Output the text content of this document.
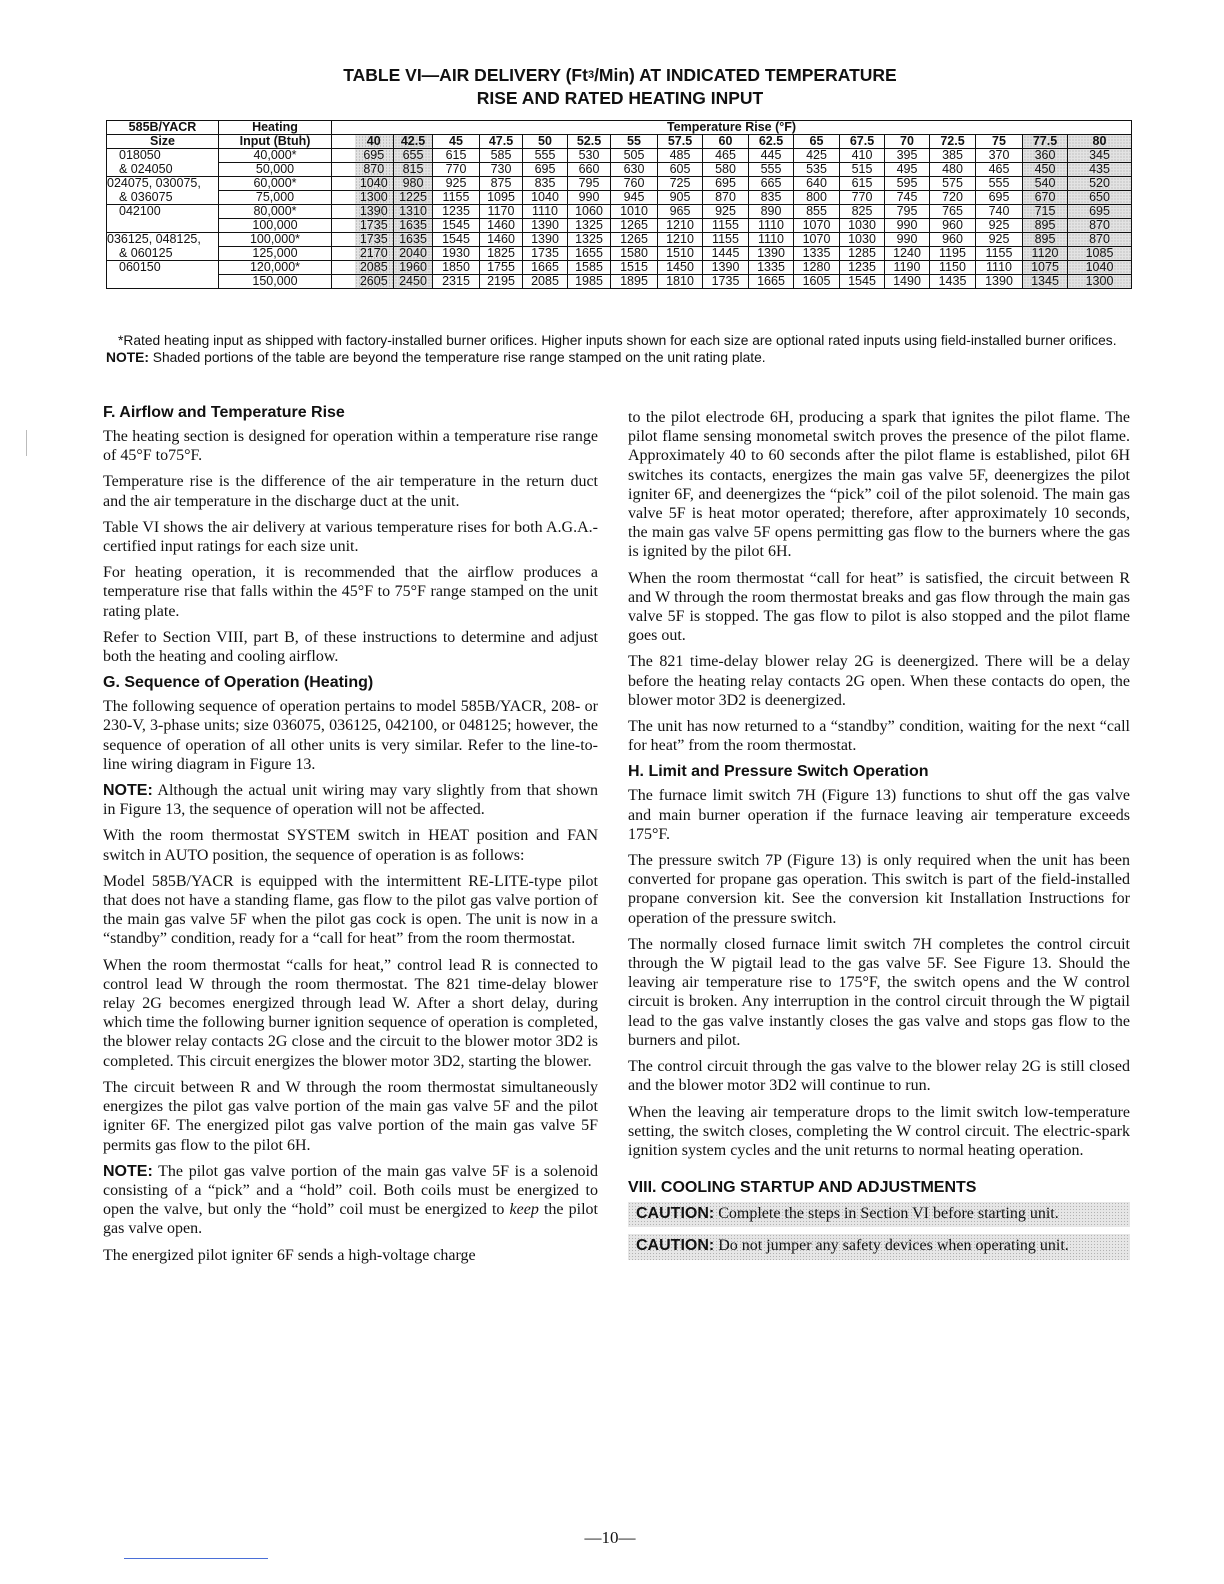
TABLE VI—AIR DELIVERY (Ft$^3$/Min) AT INDICATED TEMPERATURE
RISE AND RATED HEATING INPUT
585B/YACR	Heating	Temperature Rise (°F)																	
Size	Input (Btuh)		40	42.5	45	47.5	50	52.5	55	57.5	60	62.5	65	67.5	70	72.5	75	77.5	80
018050	40,000*		695	655	615	585	555	530	505	485	465	445	425	410	395	385	370	360	345
& 024050	50,000		870	815	770	730	695	660	630	605	580	555	535	515	495	480	465	450	435
024075, 030075,	60,000*		1040	980	925	875	835	795	760	725	695	665	640	615	595	575	555	540	520
& 036075	75,000		1300	1225	1155	1095	1040	990	945	905	870	835	800	770	745	720	695	670	650
042100	80,000*		1390	1310	1235	1170	1110	1060	1010	965	925	890	855	825	795	765	740	715	695
	100,000		1735	1635	1545	1460	1390	1325	1265	1210	1155	1110	1070	1030	990	960	925	895	870
036125, 048125,	100,000*		1735	1635	1545	1460	1390	1325	1265	1210	1155	1110	1070	1030	990	960	925	895	870
& 060125	125,000		2170	2040	1930	1825	1735	1655	1580	1510	1445	1390	1335	1285	1240	1195	1155	1120	1085
060150	120,000*		2085	1960	1850	1755	1665	1585	1515	1450	1390	1335	1280	1235	1190	1150	1110	1075	1040
	150,000		2605	2450	2315	2195	2085	1985	1895	1810	1735	1665	1605	1545	1490	1435	1390	1345	1300

*Rated heating input as shipped with factory-installed burner orifices. Higher inputs shown for each size are optional rated inputs using field-installed burner orifices.

NOTE: Shaded portions of the table are beyond the temperature rise range stamped on the unit rating plate.

F. Airflow and Temperature Rise

The heating section is designed for operation within a temperature rise range of 45°F to75°F.

Temperature rise is the difference of the air temperature in the return duct and the air temperature in the discharge duct at the unit.

Table VI shows the air delivery at various temperature rises for both A.G.A.-certified input ratings for each size unit.

For heating operation, it is recommended that the airflow produces a temperature rise that falls within the 45°F to 75°F range stamped on the unit rating plate.

Refer to Section VIII, part B, of these instructions to determine and adjust both the heating and cooling airflow.

G. Sequence of Operation (Heating)

The following sequence of operation pertains to model 585B/YACR, 208- or 230-V, 3-phase units; size 036075, 036125, 042100, or 048125; however, the sequence of operation of all other units is very similar. Refer to the line-to-line wiring diagram in Figure 13.

NOTE: Although the actual unit wiring may vary slightly from that shown in Figure 13, the sequence of operation will not be affected.

With the room thermostat SYSTEM switch in HEAT position and FAN switch in AUTO position, the sequence of operation is as follows:

Model 585B/YACR is equipped with the intermittent RE-LITE-type pilot that does not have a standing flame, gas flow to the pilot gas valve portion of the main gas valve 5F when the pilot gas cock is open. The unit is now in a “standby” condition, ready for a “call for heat” from the room thermostat.

When the room thermostat “calls for heat,” control lead R is connected to control lead W through the room thermostat. The 821 time-delay blower relay 2G becomes energized through lead W. After a short delay, during which time the following burner ignition sequence of operation is completed, the blower relay contacts 2G close and the circuit to the blower motor 3D2 is completed. This circuit energizes the blower motor 3D2, starting the blower.

The circuit between R and W through the room thermostat simultaneously energizes the pilot gas valve portion of the main gas valve 5F and the pilot igniter 6F. The energized pilot gas valve portion of the main gas valve 5F permits gas flow to the pilot 6H.

NOTE: The pilot gas valve portion of the main gas valve 5F is a solenoid consisting of a “pick” and a “hold” coil. Both coils must be energized to open the valve, but only the “hold” coil must be energized to keep the pilot gas valve open.

The energized pilot igniter 6F sends a high-voltage charge

to the pilot electrode 6H, producing a spark that ignites the pilot flame. The pilot flame sensing monometal switch proves the presence of the pilot flame. Approximately 40 to 60 seconds after the pilot flame is established, pilot 6H switches its contacts, energizes the main gas valve 5F, deenergizes the pilot igniter 6F, and deenergizes the “pick” coil of the pilot solenoid. The main gas valve 5F is heat motor operated; therefore, after approximately 10 seconds, the main gas valve 5F opens permitting gas flow to the burners where the gas is ignited by the pilot 6H.

When the room thermostat “call for heat” is satisfied, the circuit between R and W through the room thermostat breaks and gas flow through the main gas valve 5F is stopped. The gas flow to pilot is also stopped and the pilot flame goes out.

The 821 time-delay blower relay 2G is deenergized. There will be a delay before the heating relay contacts 2G open. When these contacts do open, the blower motor 3D2 is deenergized.

The unit has now returned to a “standby” condition, waiting for the next “call for heat” from the room thermostat.

H. Limit and Pressure Switch Operation

The furnace limit switch 7H (Figure 13) functions to shut off the gas valve and main burner operation if the furnace leaving air temperature exceeds 175°F.

The pressure switch 7P (Figure 13) is only required when the unit has been converted for propane gas operation. This switch is part of the field-installed propane conversion kit. See the conversion kit Installation Instructions for operation of the pressure switch.

The normally closed furnace limit switch 7H completes the control circuit through the W pigtail lead to the gas valve 5F. See Figure 13. Should the leaving air temperature rise to 175°F, the switch opens and the W control circuit is broken. Any interruption in the control circuit through the W pigtail lead to the gas valve instantly closes the gas valve and stops gas flow to the burners and pilot.

The control circuit through the gas valve to the blower relay 2G is still closed and the blower motor 3D2 will continue to run.

When the leaving air temperature drops to the limit switch low-temperature setting, the switch closes, completing the W control circuit. The electric-spark ignition system cycles and the unit returns to normal heating operation.

VIII. COOLING STARTUP AND ADJUSTMENTS

CAUTION: Complete the steps in Section VI before starting unit.

CAUTION: Do not jumper any safety devices when operating unit.

—10—
